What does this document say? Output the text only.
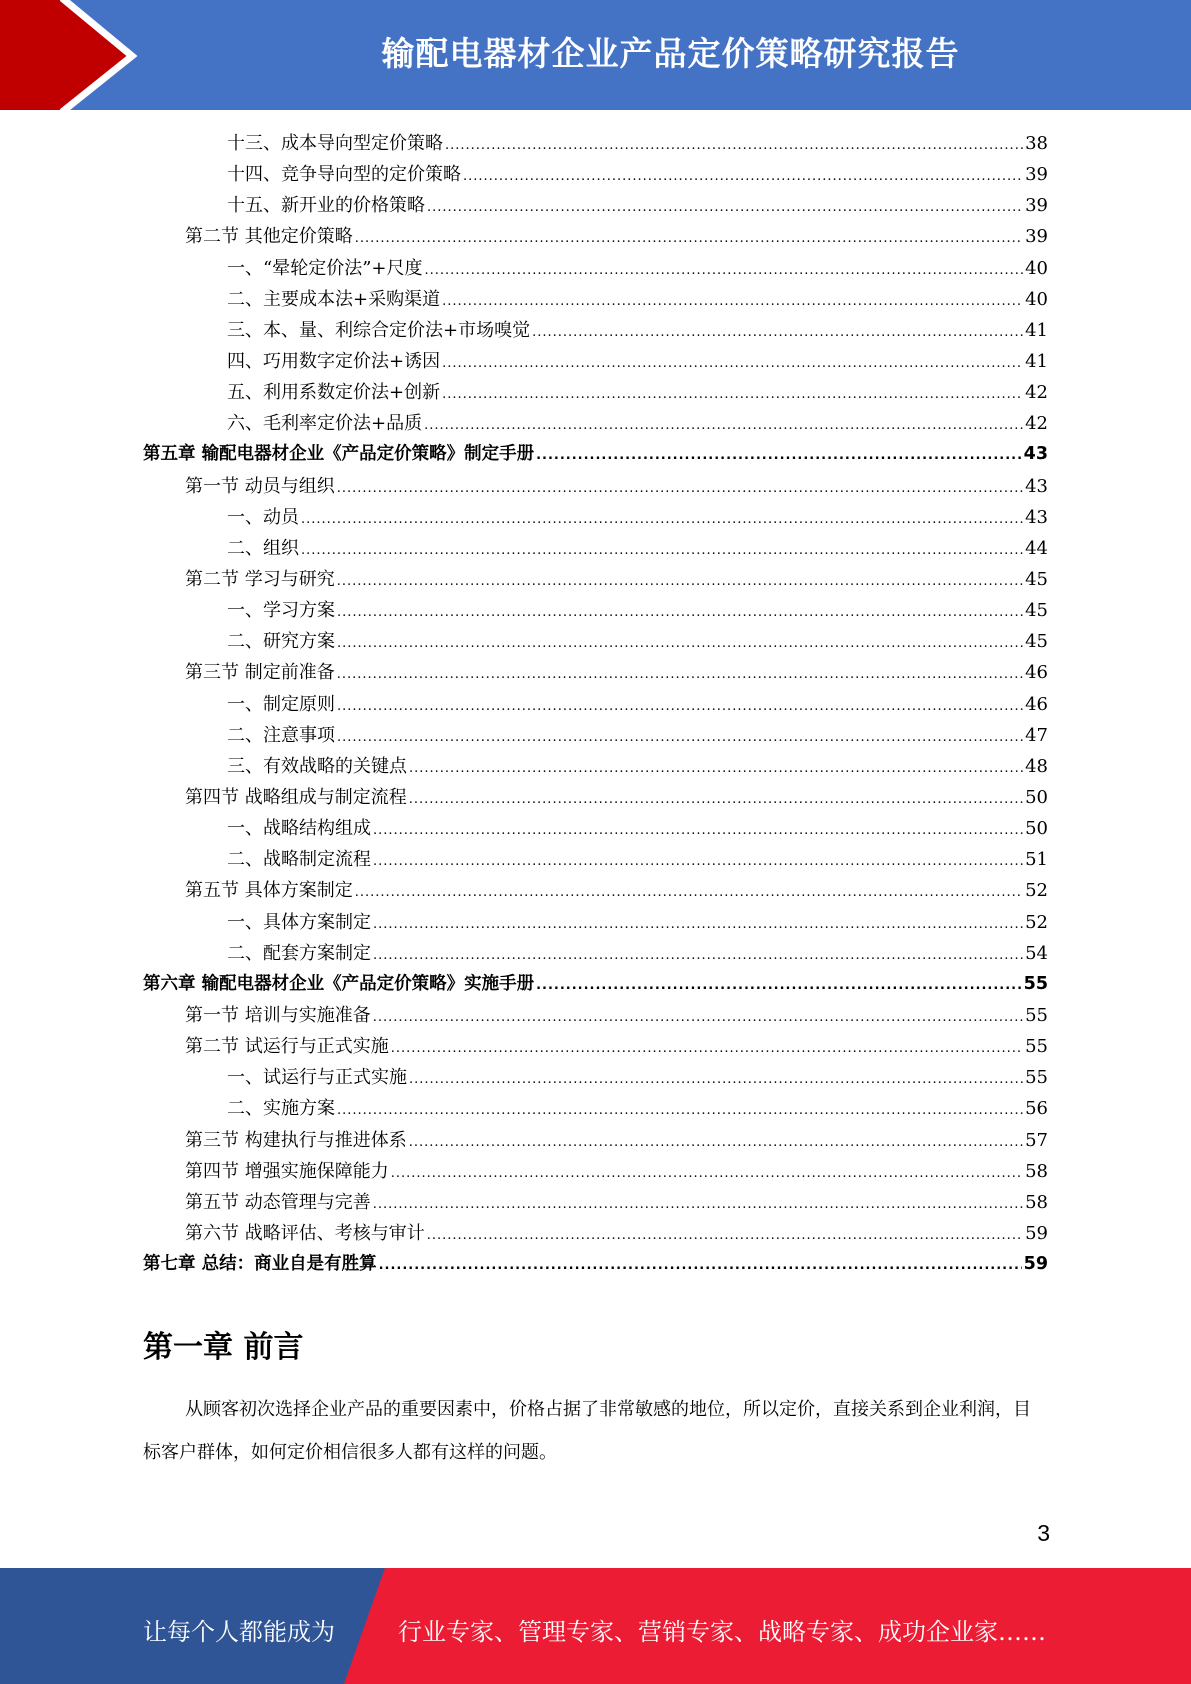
输配电器材企业产品定价策略研究报告
十三、成本导向型定价策略 .....	38
十四、竞争导向型的定价策略 .....	39
十五、新开业的价格策略 .....	39
第二节 其他定价策略 .....	39
一、“晕轮定价法”+尺度 .....	40
二、主要成本法+采购渠道 .....	40
三、本、量、利综合定价法+市场嗅觉 .....	41
四、巧用数字定价法+诱因 .....	41
五、利用系数定价法+创新 .....	42
六、毛利率定价法+品质 .....	42
第五章 输配电器材企业《产品定价策略》制定手册 .....	43
第一节 动员与组织 .....	43
一、动员 .....	43
二、组织 .....	44
第二节 学习与研究 .....	45
一、学习方案 .....	45
二、研究方案 .....	45
第三节 制定前准备 .....	46
一、制定原则 .....	46
二、注意事项 .....	47
三、有效战略的关键点 .....	48
第四节 战略组成与制定流程 .....	50
一、战略结构组成 .....	50
二、战略制定流程 .....	51
第五节 具体方案制定 .....	52
一、具体方案制定 .....	52
二、配套方案制定 .....	54
第六章 输配电器材企业《产品定价策略》实施手册 .....	55
第一节 培训与实施准备 .....	55
第二节 试运行与正式实施 .....	55
一、试运行与正式实施 .....	55
二、实施方案 .....	56
第三节 构建执行与推进体系 .....	57
第四节 增强实施保障能力 .....	58
第五节 动态管理与完善 .....	58
第六节 战略评估、考核与审计 .....	59
第七章 总结：商业自是有胜算 .....	59
第一章 前言
从顾客初次选择企业产品的重要因素中，价格占据了非常敏感的地位，所以定价，直接关系到企业利润，目标客户群体，如何定价相信很多人都有这样的问题。
3
让每个人都能成为	行业专家、管理专家、营销专家、战略专家、成功企业家……
